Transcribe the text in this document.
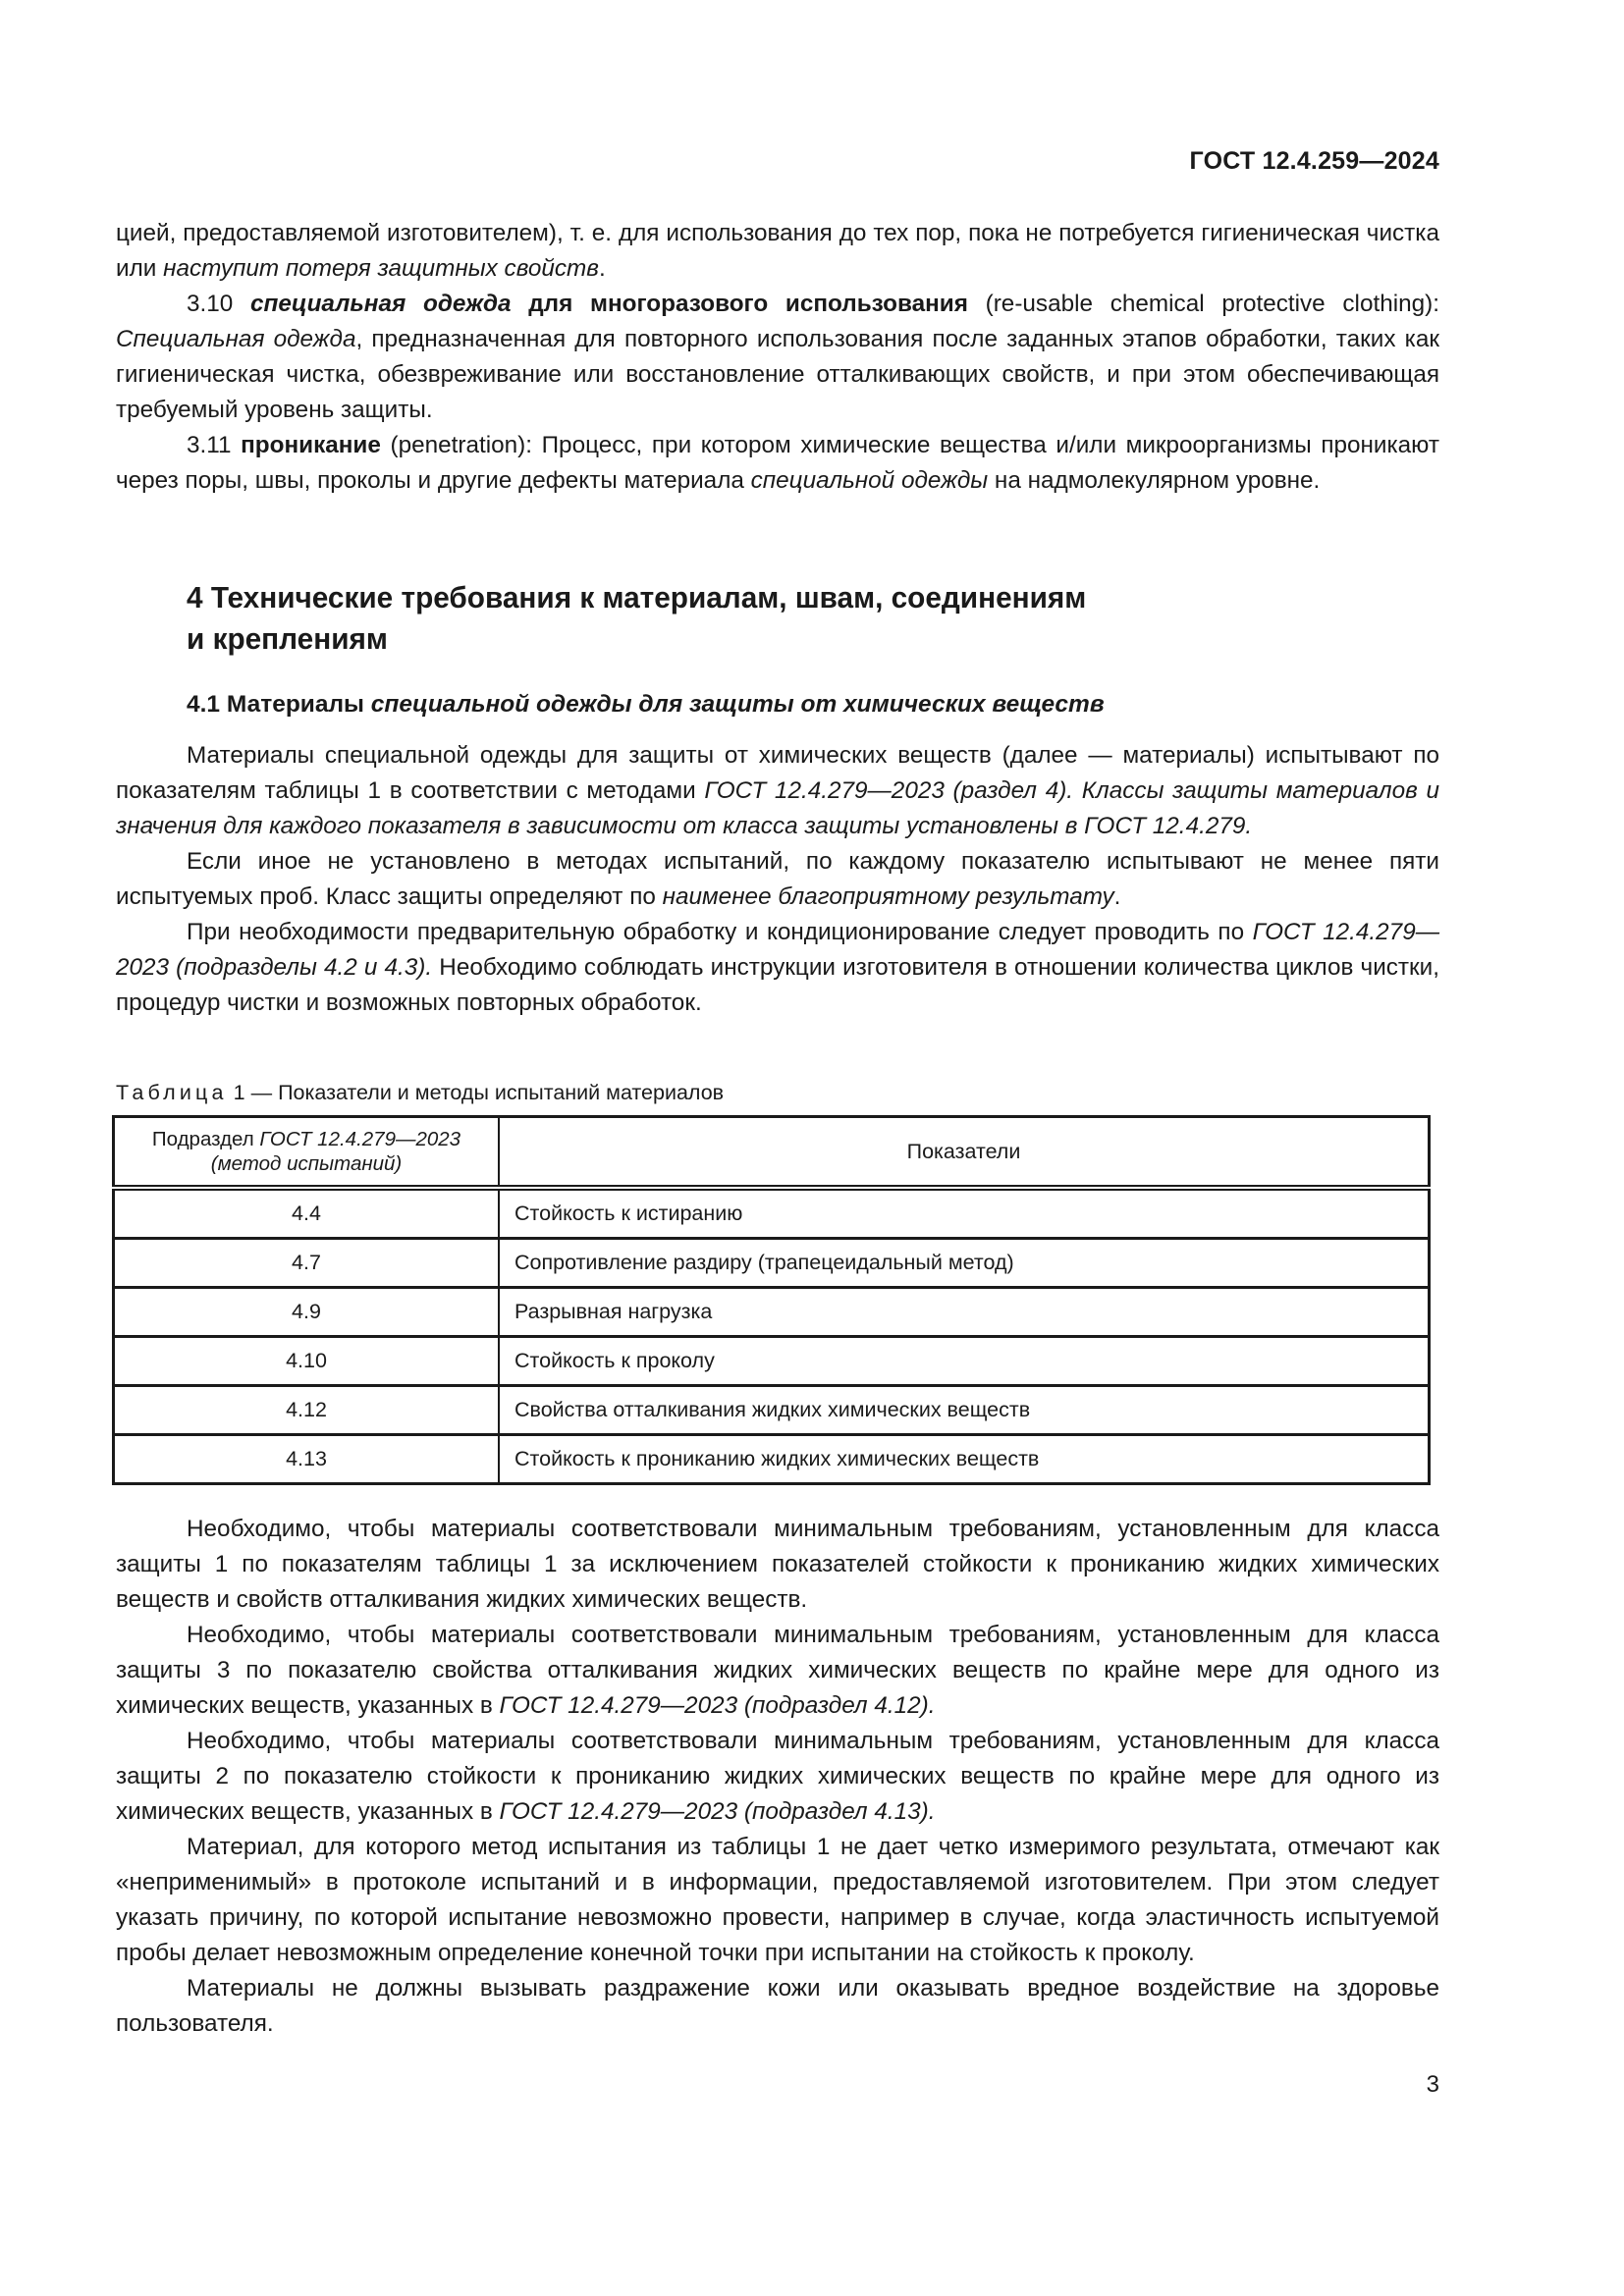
ГОСТ 12.4.259—2024

цией, предоставляемой изготовителем), т. е. для использования до тех пор, пока не потребуется гигиеническая чистка или наступит потеря защитных свойств.

3.10 специальная одежда для многоразового использования (re-usable chemical protective clothing): Специальная одежда, предназначенная для повторного использования после заданных этапов обработки, таких как гигиеническая чистка, обезвреживание или восстановление отталкивающих свойств, и при этом обеспечивающая требуемый уровень защиты.

3.11 проникание (penetration): Процесс, при котором химические вещества и/или микроорганизмы проникают через поры, швы, проколы и другие дефекты материала специальной одежды на надмолекулярном уровне.

4 Технические требования к материалам, швам, соединениям
и креплениям
4.1 Материалы специальной одежды для защиты от химических веществ

Материалы специальной одежды для защиты от химических веществ (далее — материалы) испытывают по показателям таблицы 1 в соответствии с методами ГОСТ 12.4.279—2023 (раздел 4). Классы защиты материалов и значения для каждого показателя в зависимости от класса защиты установлены в ГОСТ 12.4.279.

Если иное не установлено в методах испытаний, по каждому показателю испытывают не менее пяти испытуемых проб. Класс защиты определяют по наименее благоприятному результату.

При необходимости предварительную обработку и кондиционирование следует проводить по ГОСТ 12.4.279—2023 (подразделы 4.2 и 4.3). Необходимо соблюдать инструкции изготовителя в отношении количества циклов чистки, процедур чистки и возможных повторных обработок.

Таблица 1 — Показатели и методы испытаний материалов
Подраздел ГОСТ 12.4.279—2023
(метод испытаний)	Показатели
4.4	Стойкость к истиранию
4.7	Сопротивление раздиру (трапецеидальный метод)
4.9	Разрывная нагрузка
4.10	Стойкость к проколу
4.12	Свойства отталкивания жидких химических веществ
4.13	Стойкость к прониканию жидких химических веществ

Необходимо, чтобы материалы соответствовали минимальным требованиям, установленным для класса защиты 1 по показателям таблицы 1 за исключением показателей стойкости к прониканию жидких химических веществ и свойств отталкивания жидких химических веществ.

Необходимо, чтобы материалы соответствовали минимальным требованиям, установленным для класса защиты 3 по показателю свойства отталкивания жидких химических веществ по крайне мере для одного из химических веществ, указанных в ГОСТ 12.4.279—2023 (подраздел 4.12).

Необходимо, чтобы материалы соответствовали минимальным требованиям, установленным для класса защиты 2 по показателю стойкости к прониканию жидких химических веществ по крайне мере для одного из химических веществ, указанных в ГОСТ 12.4.279—2023 (подраздел 4.13).

Материал, для которого метод испытания из таблицы 1 не дает четко измеримого результата, отмечают как «неприменимый» в протоколе испытаний и в информации, предоставляемой изготовителем. При этом следует указать причину, по которой испытание невозможно провести, например в случае, когда эластичность испытуемой пробы делает невозможным определение конечной точки при испытании на стойкость к проколу.

Материалы не должны вызывать раздражение кожи или оказывать вредное воздействие на здоровье пользователя.

3
